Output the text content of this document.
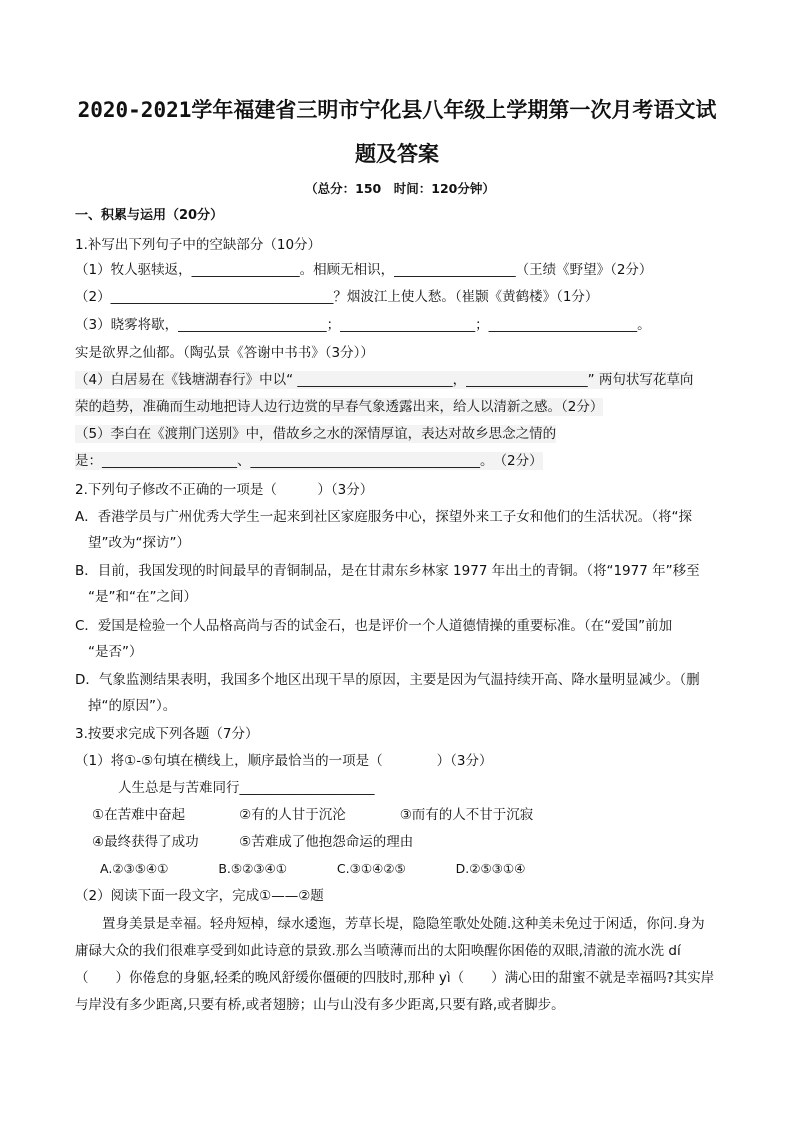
2020-2021学年福建省三明市宁化县八年级上学期第一次月考语文试
题及答案
（总分：150　时间：120分钟）
一、积累与运用（20分）
1.补写出下列句子中的空缺部分（10分）
（1）牧人驱犊返，________________。相顾无相识，__________________（王绩《野望》（2分）
（2）_________________________________？烟波江上使人愁。（崔颢《黄鹤楼》（1分）
（3）晓雾将歇，______________________；____________________；______________________。
实是欲界之仙都。（陶弘景《答谢中书书》（3分））
（4）白居易在《钱塘湖春行》中以“ _______________________，__________________” 两句状写花草向
荣的趋势，准确而生动地把诗人边行边赏的早春气象透露出来，给人以清新之感。（2分）
（5）李白在《渡荆门送别》中，借故乡之水的深情厚谊，表达对故乡思念之情的
是：____________________、__________________________________。　（2分）
2.下列句子修改不正确的一项是（　　　）（3分）
A．香港学员与广州优秀大学生一起来到社区家庭服务中心，探望外来工子女和他们的生活状况。（将“探
望”改为“探访”）
B．目前，我国发现的时间最早的青铜制品，是在甘肃东乡林家 1977 年出土的青铜。（将“1977 年”移至
“是”和“在”之间）
C．爱国是检验一个人品格高尚与否的试金石，也是评价一个人道德情操的重要标准。（在“爱国”前加
“是否”）
D．气象监测结果表明，我国多个地区出现干旱的原因，主要是因为气温持续开高、降水量明显减少。（删
掉“的原因”）。
3.按要求完成下列各题（7分）
（1）将①-⑤句填在横线上，顺序最恰当的一项是（　　　　）（3分）
人生总是与苦难同行____________________
①在苦难中奋起　　　　②有的人甘于沉沦　　　　③而有的人不甘于沉寂
④最终获得了成功　　　⑤苦难成了他抱怨命运的理由
A.②③⑤④①　　　　B.⑤②③④①　　　　C.③①④②⑤　　　　D.②⑤③①④
（2）阅读下面一段文字，完成①——②题
　　置身美景是幸福。轻舟短棹，绿水逶迤，芳草长堤，隐隐笙歌处处随.这种美未免过于闲适，你问.身为
庸碌大众的我们很难享受到如此诗意的景致.那么当喷薄而出的太阳唤醒你困倦的双眼,清澈的流水洗 dí
（　　）你倦怠的身躯,轻柔的晚风舒缓你僵硬的四肢时,那种 yì（　　）满心田的甜蜜不就是幸福吗?其实岸
与岸没有多少距离,只要有桥,或者翅膀；山与山没有多少距离,只要有路,或者脚步。
